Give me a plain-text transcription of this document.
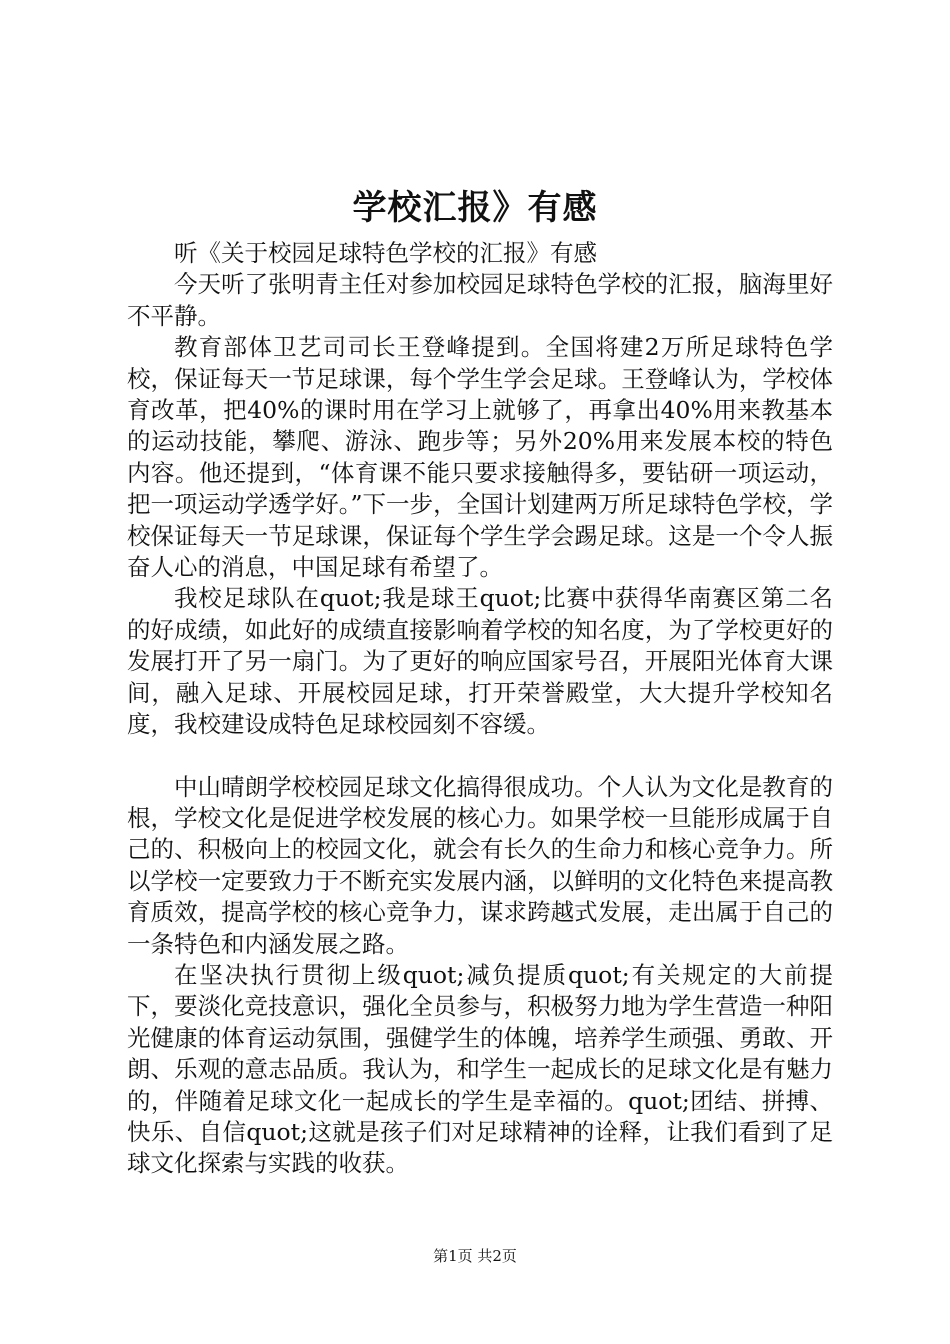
学校汇报》有感

听《关于校园足球特色学校的汇报》有感

今天听了张明青主任对参加校园足球特色学校的汇报，脑海里好不平静。

教育部体卫艺司司长王登峰提到。全国将建2万所足球特色学校，保证每天一节足球课，每个学生学会足球。王登峰认为，学校体育改革，把40%的课时用在学习上就够了，再拿出40%用来教基本的运动技能，攀爬、游泳、跑步等；另外20%用来发展本校的特色内容。他还提到，“体育课不能只要求接触得多，要钻研一项运动，把一项运动学透学好。”下一步，全国计划建两万所足球特色学校，学校保证每天一节足球课，保证每个学生学会踢足球。这是一个令人振奋人心的消息，中国足球有希望了。

我校足球队在quot;我是球王quot;比赛中获得华南赛区第二名的好成绩，如此好的成绩直接影响着学校的知名度，为了学校更好的发展打开了另一扇门。为了更好的响应国家号召，开展阳光体育大课间，融入足球、开展校园足球，打开荣誉殿堂，大大提升学校知名度，我校建设成特色足球校园刻不容缓。

中山晴朗学校校园足球文化搞得很成功。个人认为文化是教育的根，学校文化是促进学校发展的核心力。如果学校一旦能形成属于自己的、积极向上的校园文化，就会有长久的生命力和核心竞争力。所以学校一定要致力于不断充实发展内涵，以鲜明的文化特色来提高教育质效，提高学校的核心竞争力，谋求跨越式发展，走出属于自己的一条特色和内涵发展之路。

在坚决执行贯彻上级quot;减负提质quot;有关规定的大前提下，要淡化竞技意识，强化全员参与，积极努力地为学生营造一种阳光健康的体育运动氛围，强健学生的体魄，培养学生顽强、勇敢、开朗、乐观的意志品质。我认为，和学生一起成长的足球文化是有魅力的，伴随着足球文化一起成长的学生是幸福的。quot;团结、拼搏、快乐、自信quot;这就是孩子们对足球精神的诠释，让我们看到了足球文化探索与实践的收获。

第1页 共2页
